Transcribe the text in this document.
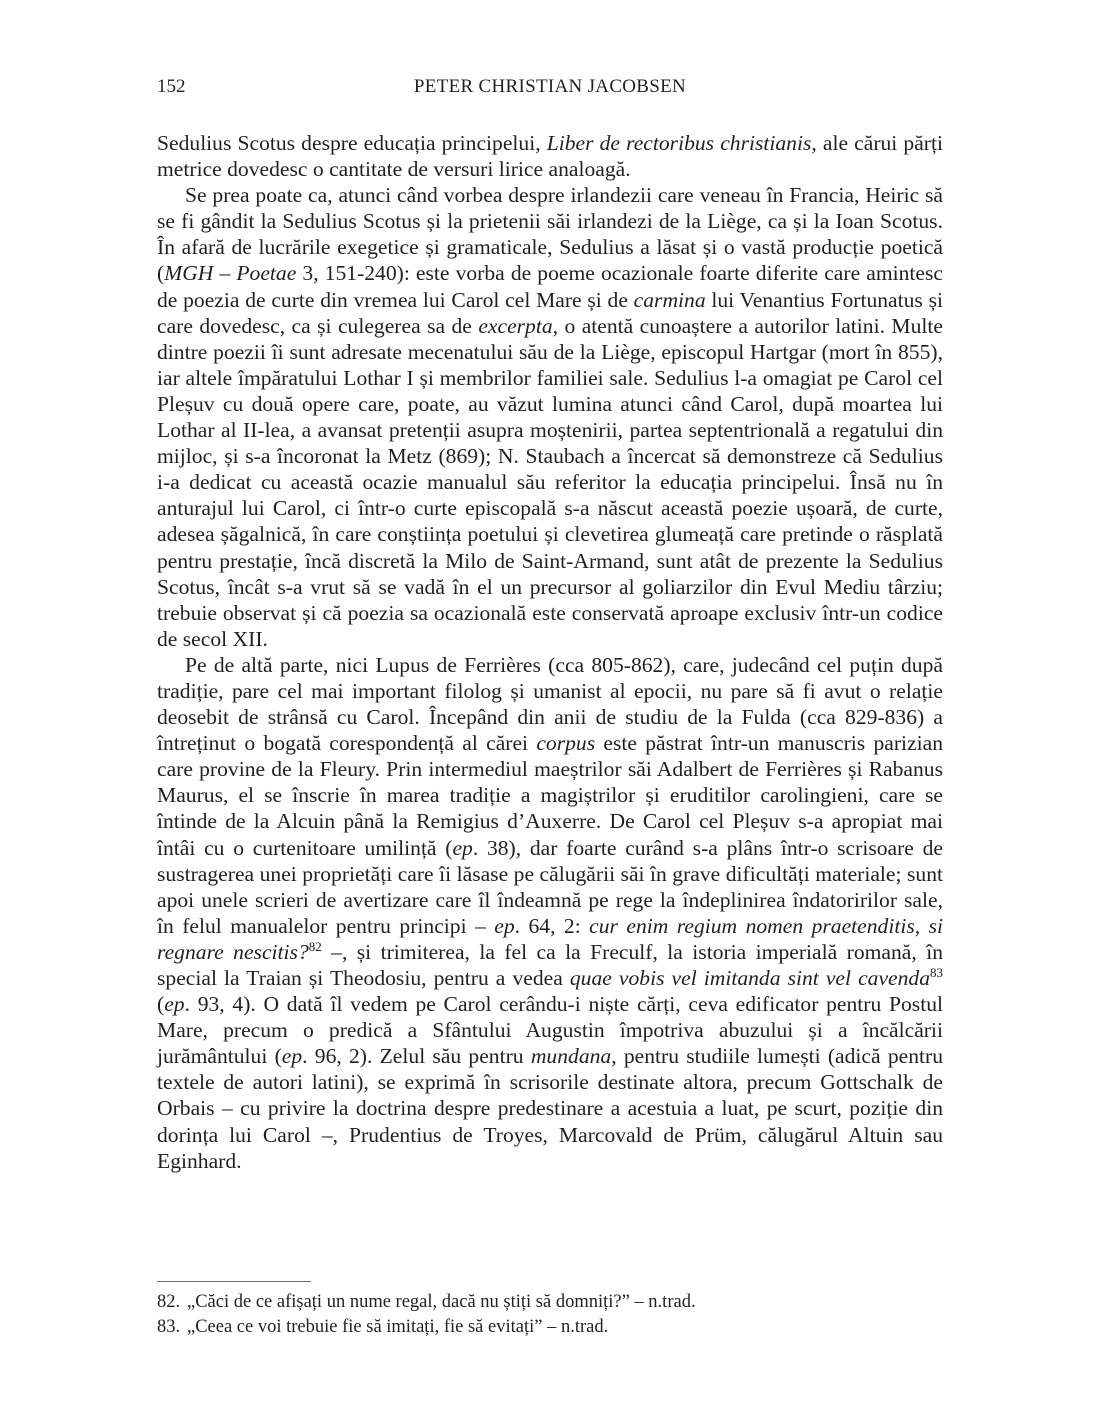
152	PETER CHRISTIAN JACOBSEN

Sedulius Scotus despre educația principelui, Liber de rectoribus christianis, ale cărui părți metrice dovedesc o cantitate de versuri lirice analoagă.

Se prea poate ca, atunci când vorbea despre irlandezii care veneau în Francia, Heiric să se fi gândit la Sedulius Scotus și la prietenii săi irlandezi de la Liège, ca și la Ioan Scotus. În afară de lucrările exegetice și gramaticale, Sedulius a lăsat și o vastă producție poetică (MGH – Poetae 3, 151-240): este vorba de poeme ocazionale foarte diferite care amintesc de poezia de curte din vremea lui Carol cel Mare și de carmina lui Venantius Fortunatus și care dovedesc, ca și culegerea sa de excerpta, o atentă cunoaștere a autorilor latini. Multe dintre poezii îi sunt adresate mecenatului său de la Liège, episcopul Hartgar (mort în 855), iar altele împăratului Lothar I și membrilor familiei sale. Sedulius l-a omagiat pe Carol cel Pleșuv cu două opere care, poate, au văzut lumina atunci când Carol, după moartea lui Lothar al II-lea, a avansat pretenții asupra moștenirii, partea septentrională a regatului din mijloc, și s-a încoronat la Metz (869); N. Staubach a încercat să demonstreze că Sedulius i-a dedicat cu această ocazie manualul său referitor la educația principelui. Însă nu în anturajul lui Carol, ci într-o curte episcopală s-a născut această poezie ușoară, de curte, adesea șăgalnică, în care conștiința poetului și clevetirea glumeață care pretinde o răsplată pentru prestație, încă discretă la Milo de Saint-Armand, sunt atât de prezente la Sedulius Scotus, încât s-a vrut să se vadă în el un precursor al goliarzilor din Evul Mediu târziu; trebuie observat și că poezia sa ocazională este conservată aproape exclusiv într-un codice de secol XII.

Pe de altă parte, nici Lupus de Ferrières (cca 805-862), care, judecând cel puțin după tradiție, pare cel mai important filolog și umanist al epocii, nu pare să fi avut o relație deosebit de strânsă cu Carol. Începând din anii de studiu de la Fulda (cca 829-836) a întreținut o bogată corespondență al cărei corpus este păstrat într-un manuscris parizian care provine de la Fleury. Prin intermediul maeștrilor săi Adalbert de Ferrières și Rabanus Maurus, el se înscrie în marea tradiție a magiștrilor și eruditilor carolingieni, care se întinde de la Alcuin până la Remigius d’Auxerre. De Carol cel Pleșuv s-a apropiat mai întâi cu o curtenitoare umilință (ep. 38), dar foarte curând s-a plâns într-o scrisoare de sustragerea unei proprietăți care îi lăsase pe călugării săi în grave dificultăți materiale; sunt apoi unele scrieri de avertizare care îl îndeamnă pe rege la îndeplinirea îndatoririlor sale, în felul manualelor pentru principi – ep. 64, 2: cur enim regium nomen praetenditis, si regnare nescitis?$^{82}$ –, și trimiterea, la fel ca la Freculf, la istoria imperială romană, în special la Traian și Theodosiu, pentru a vedea quae vobis vel imitanda sint vel cavenda$^{83}$ (ep. 93, 4). O dată îl vedem pe Carol cerându-i niște cărți, ceva edificator pentru Postul Mare, precum o predică a Sfântului Augustin împotriva abuzului și a încălcării jurământului (ep. 96, 2). Zelul său pentru mundana, pentru studiile lumești (adică pentru textele de autori latini), se exprimă în scrisorile destinate altora, precum Gottschalk de Orbais – cu privire la doctrina despre predestinare a acestuia a luat, pe scurt, poziție din dorința lui Carol –, Prudentius de Troyes, Marcovald de Prüm, călugărul Altuin sau Eginhard.

82. „Căci de ce afișați un nume regal, dacă nu știți să domniți?” – n.trad.
83. „Ceea ce voi trebuie fie să imitați, fie să evitați” – n.trad.
